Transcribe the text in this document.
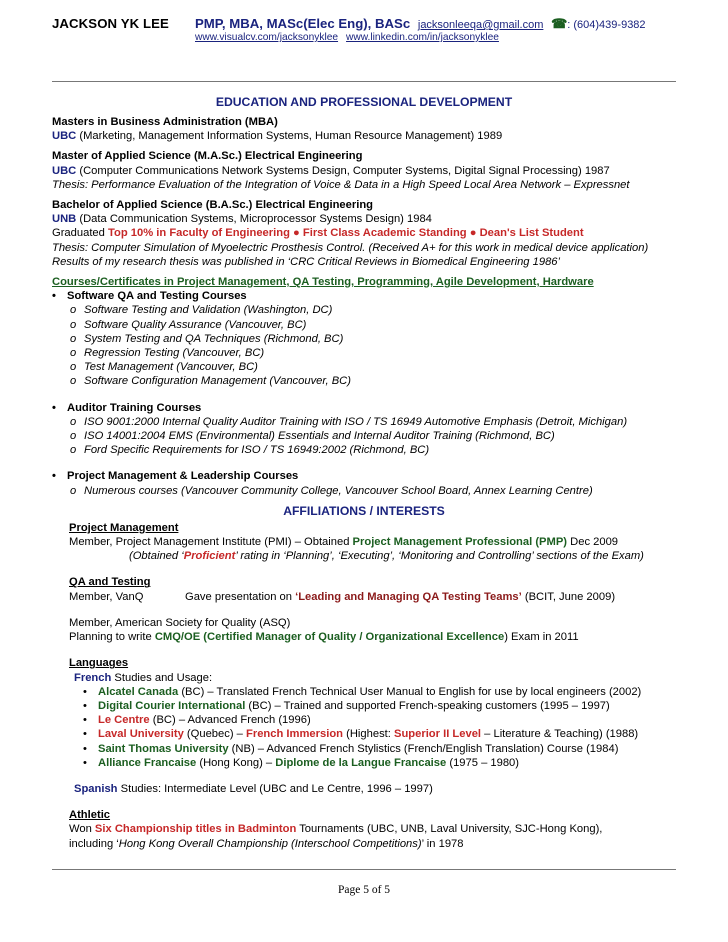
JACKSON YK LEE PMP, MBA, MASc(Elec Eng), BASc jacksonleeqa@gmail.com ☎: (604)439-9382
www.visualcv.com/jacksonyklee www.linkedin.com/in/jacksonyklee
EDUCATION AND PROFESSIONAL DEVELOPMENT
Masters in Business Administration (MBA)
UBC (Marketing, Management Information Systems, Human Resource Management) 1989
Master of Applied Science (M.A.Sc.) Electrical Engineering
UBC (Computer Communications Network Systems Design, Computer Systems, Digital Signal Processing) 1987
Thesis: Performance Evaluation of the Integration of Voice & Data in a High Speed Local Area Network – Expressnet
Bachelor of Applied Science (B.A.Sc.) Electrical Engineering
UNB (Data Communication Systems, Microprocessor Systems Design) 1984
Graduated Top 10% in Faculty of Engineering ● First Class Academic Standing ● Dean's List Student
Thesis: Computer Simulation of Myoelectric Prosthesis Control. (Received A+ for this work in medical device application)
Results of my research thesis was published in ‘CRC Critical Reviews in Biomedical Engineering 1986’
Courses/Certificates in Project Management, QA Testing, Programming, Agile Development, Hardware
• Software QA and Testing Courses
o Software Testing and Validation (Washington, DC)
o Software Quality Assurance (Vancouver, BC)
o System Testing and QA Techniques (Richmond, BC)
o Regression Testing (Vancouver, BC)
o Test Management (Vancouver, BC)
o Software Configuration Management (Vancouver, BC)
• Auditor Training Courses
o ISO 9001:2000 Internal Quality Auditor Training with ISO / TS 16949 Automotive Emphasis (Detroit, Michigan)
o ISO 14001:2004 EMS (Environmental) Essentials and Internal Auditor Training (Richmond, BC)
o Ford Specific Requirements for ISO / TS 16949:2002 (Richmond, BC)
• Project Management & Leadership Courses
o Numerous courses (Vancouver Community College, Vancouver School Board, Annex Learning Centre)
AFFILIATIONS / INTERESTS
Project Management
Member, Project Management Institute (PMI) – Obtained Project Management Professional (PMP) Dec 2009
(Obtained ‘Proficient’ rating in ‘Planning’, ‘Executing’, ‘Monitoring and Controlling’ sections of the Exam)
QA and Testing
Member, VanQ	Gave presentation on ‘Leading and Managing QA Testing Teams’ (BCIT, June 2009)
Member, American Society for Quality (ASQ)
Planning to write CMQ/OE (Certified Manager of Quality / Organizational Excellence) Exam in 2011
Languages
French Studies and Usage:
• Alcatel Canada (BC) – Translated French Technical User Manual to English for use by local engineers (2002)
• Digital Courier International (BC) – Trained and supported French-speaking customers (1995 – 1997)
• Le Centre (BC) – Advanced French (1996)
• Laval University (Quebec) – French Immersion (Highest: Superior II Level – Literature & Teaching) (1988)
• Saint Thomas University (NB) – Advanced French Stylistics (French/English Translation) Course (1984)
• Alliance Francaise (Hong Kong) – Diplome de la Langue Francaise (1975 – 1980)
Spanish Studies: Intermediate Level (UBC and Le Centre, 1996 – 1997)
Athletic
Won Six Championship titles in Badminton Tournaments (UBC, UNB, Laval University, SJC-Hong Kong),
including ‘Hong Kong Overall Championship (Interschool Competitions)’ in 1978
Page 5 of 5
